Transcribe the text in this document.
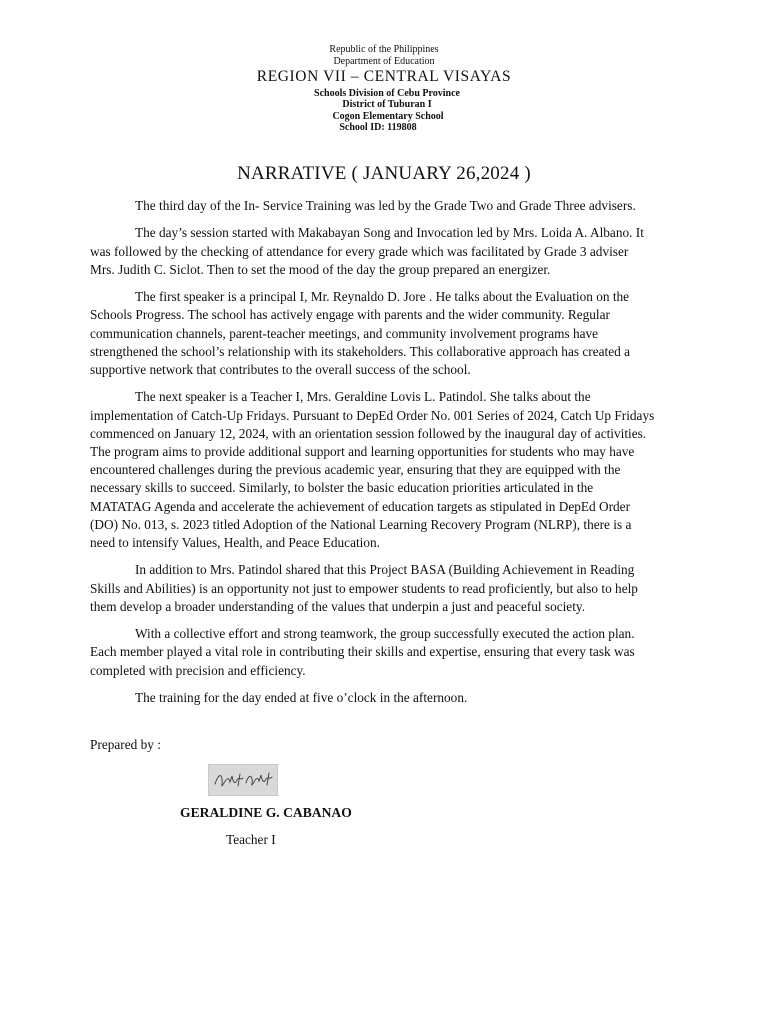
Republic of the Philippines

Department of Education

REGION VII – CENTRAL VISAYAS

Schools Division of Cebu Province

District of Tuburan I

Cogon Elementary School

School ID: 119808

NARRATIVE ( JANUARY 26,2024 )

The third day of the In- Service Training was led by the Grade Two and Grade Three advisers.

The day’s session started with Makabayan Song and Invocation led by Mrs. Loida A. Albano. It was followed by the checking of attendance for every grade which was facilitated by Grade 3 adviser Mrs. Judith C. Siclot. Then to set the mood of the day the group prepared an energizer.

The first speaker is a principal I, Mr. Reynaldo D. Jore . He talks about the Evaluation on the Schools Progress. The school has actively engage with parents and the wider community. Regular communication channels, parent-teacher meetings, and community involvement programs have strengthened the school’s relationship with its stakeholders. This collaborative approach has created a supportive network that contributes to the overall success of the school.

The next speaker is a Teacher I, Mrs. Geraldine Lovis L. Patindol. She talks about the implementation of Catch-Up Fridays. Pursuant to DepEd Order No. 001 Series of 2024, Catch Up Fridays commenced on January 12, 2024, with an orientation session followed by the inaugural day of activities. The program aims to provide additional support and learning opportunities for students who may have encountered challenges during the previous academic year, ensuring that they are equipped with the necessary skills to succeed. Similarly, to bolster the basic education priorities articulated in the MATATAG Agenda and accelerate the achievement of education targets as stipulated in DepEd Order (DO) No. 013, s. 2023 titled Adoption of the National Learning Recovery Program (NLRP), there is a need to intensify Values, Health, and Peace Education.

In addition to Mrs. Patindol shared that this Project BASA (Building Achievement in Reading Skills and Abilities) is an opportunity not just to empower students to read proficiently, but also to help them develop a broader understanding of the values that underpin a just and peaceful society.

With a collective effort and strong teamwork, the group successfully executed the action plan. Each member played a vital role in contributing their skills and expertise, ensuring that every task was completed with precision and efficiency.

The training for the day ended at five o’clock in the afternoon.

Prepared by :

GERALDINE G. CABANAO

Teacher I
